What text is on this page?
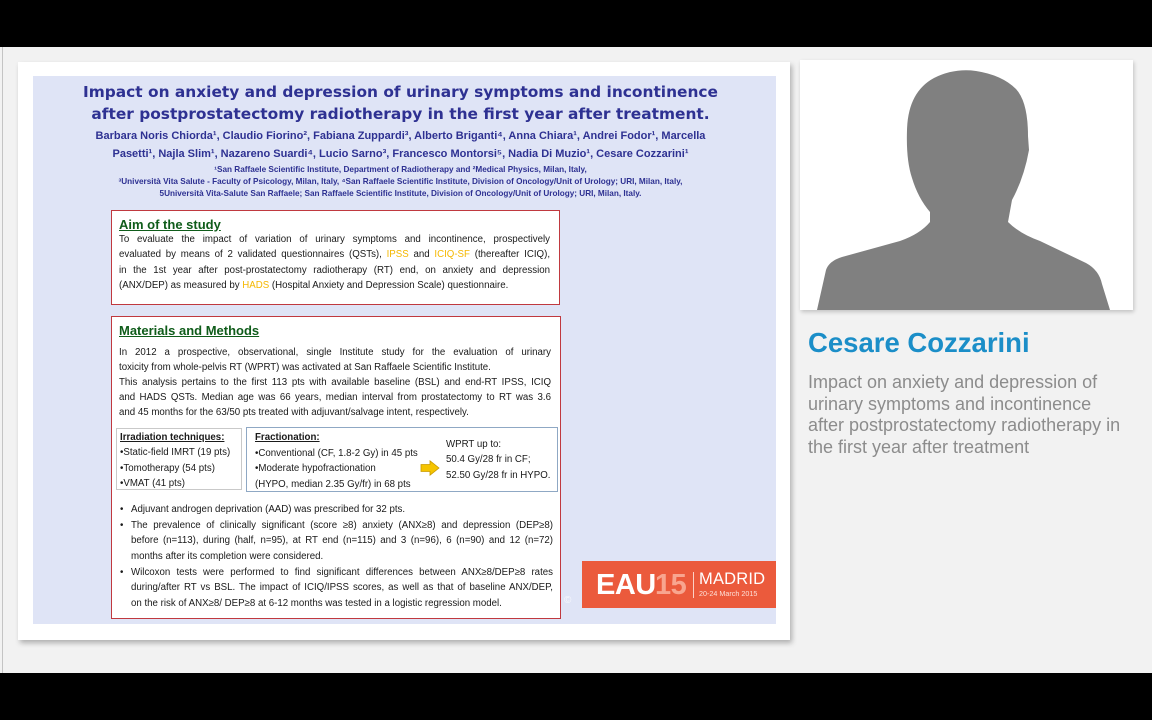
Impact on anxiety and depression of urinary symptoms and incontinence
after postprostatectomy radiotherapy in the first year after treatment.
Barbara Noris Chiorda¹, Claudio Fiorino², Fabiana Zuppardi³, Alberto Briganti⁴, Anna Chiara¹, Andrei Fodor¹, Marcella
Pasetti¹, Najla Slim¹, Nazareno Suardi⁴, Lucio Sarno³, Francesco Montorsi⁵, Nadia Di Muzio¹, Cesare Cozzarini¹
¹San Raffaele Scientific Institute, Department of Radiotherapy and ²Medical Physics, Milan, Italy,
³Università Vita Salute - Faculty of Psicology, Milan, Italy, ⁴San Raffaele Scientific Institute, Division of Oncology/Unit of Urology; URI, Milan, Italy,
5Università Vita-Salute San Raffaele; San Raffaele Scientific Institute, Division of Oncology/Unit of Urology; URI, Milan, Italy.
Aim of the study
To evaluate the impact of variation of urinary symptoms and incontinence, prospectively
evaluated by means of 2 validated questionnaires (QSTs), IPSS and ICIQ-SF (thereafter ICIQ),
in the 1st year after post-prostatectomy radiotherapy (RT) end, on anxiety and depression
(ANX/DEP) as measured by HADS (Hospital Anxiety and Depression Scale) questionnaire.
Materials and Methods
In 2012 a prospective, observational, single Institute study for the evaluation of urinary
toxicity from whole-pelvis RT (WPRT) was activated at San Raffaele Scientific Institute.
This analysis pertains to the first 113 pts with available baseline (BSL) and end-RT IPSS, ICIQ
and HADS QSTs. Median age was 66 years, median interval from prostatectomy to RT was 3.6
and 45 months for the 63/50 pts treated with adjuvant/salvage intent, respectively.
Irradiation techniques:
•Static-field IMRT (19 pts)
•Tomotherapy (54 pts)
•VMAT (41 pts)
Fractionation:
•Conventional (CF, 1.8-2 Gy) in 45 pts
•Moderate hypofractionation
(HYPO, median 2.35 Gy/fr) in 68 pts
WPRT up to:
50.4 Gy/28 fr in CF;
52.50 Gy/28 fr in HYPO.
• Adjuvant androgen deprivation (AAD) was prescribed for 32 pts.
• The prevalence of clinically significant (score ≥8) anxiety (ANX≥8) and depression (DEP≥8)
before (n=113), during (half, n=95), at RT end (n=115) and 3 (n=96), 6 (n=90) and 12 (n=72)
months after its completion were considered.
• Wilcoxon tests were performed to find significant differences between ANX≥8/DEP≥8 rates
during/after RT vs BSL. The impact of ICIQ/IPSS scores, as well as that of baseline ANX/DEP,
on the risk of ANX≥8/ DEP≥8 at 6-12 months was tested in a logistic regression model.	© EAU 15 MADRID
20-24 March 2015
Cesare Cozzarini
Impact on anxiety and depression of urinary symptoms and incontinence after postprostatectomy radiotherapy in the first year after treatment
